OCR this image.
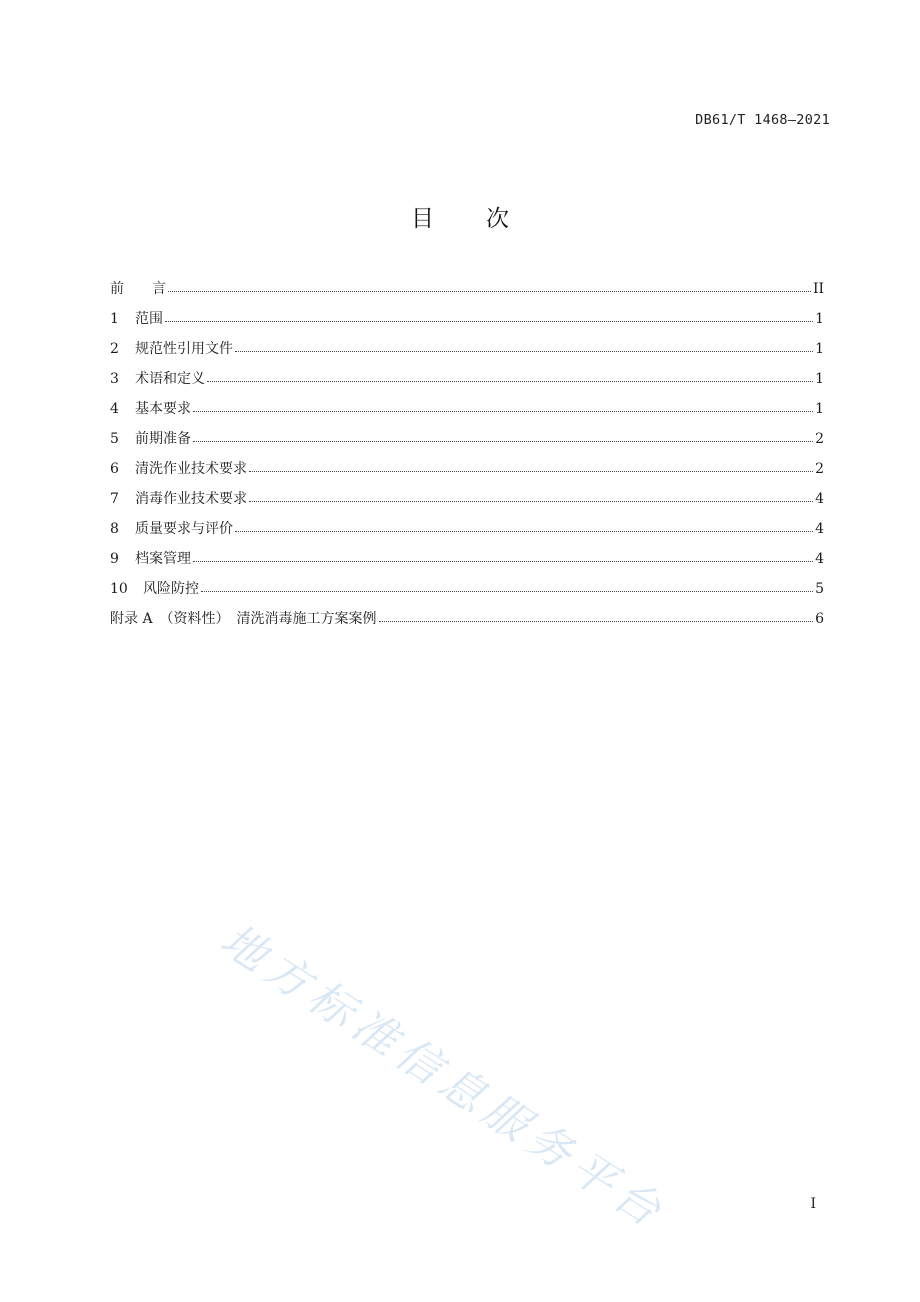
DB61/T 1468—2021
目 次
前　　言	II
1	范围	1
2	规范性引用文件	1
3	术语和定义	1
4	基本要求	1
5	前期准备	2
6	清洗作业技术要求	2
7	消毒作业技术要求	4
8	质量要求与评价	4
9	档案管理	4
10	风险防控	5
附录 A　（资料性）　清洗消毒施工方案案例	6
地方标准信息服务平台	I
